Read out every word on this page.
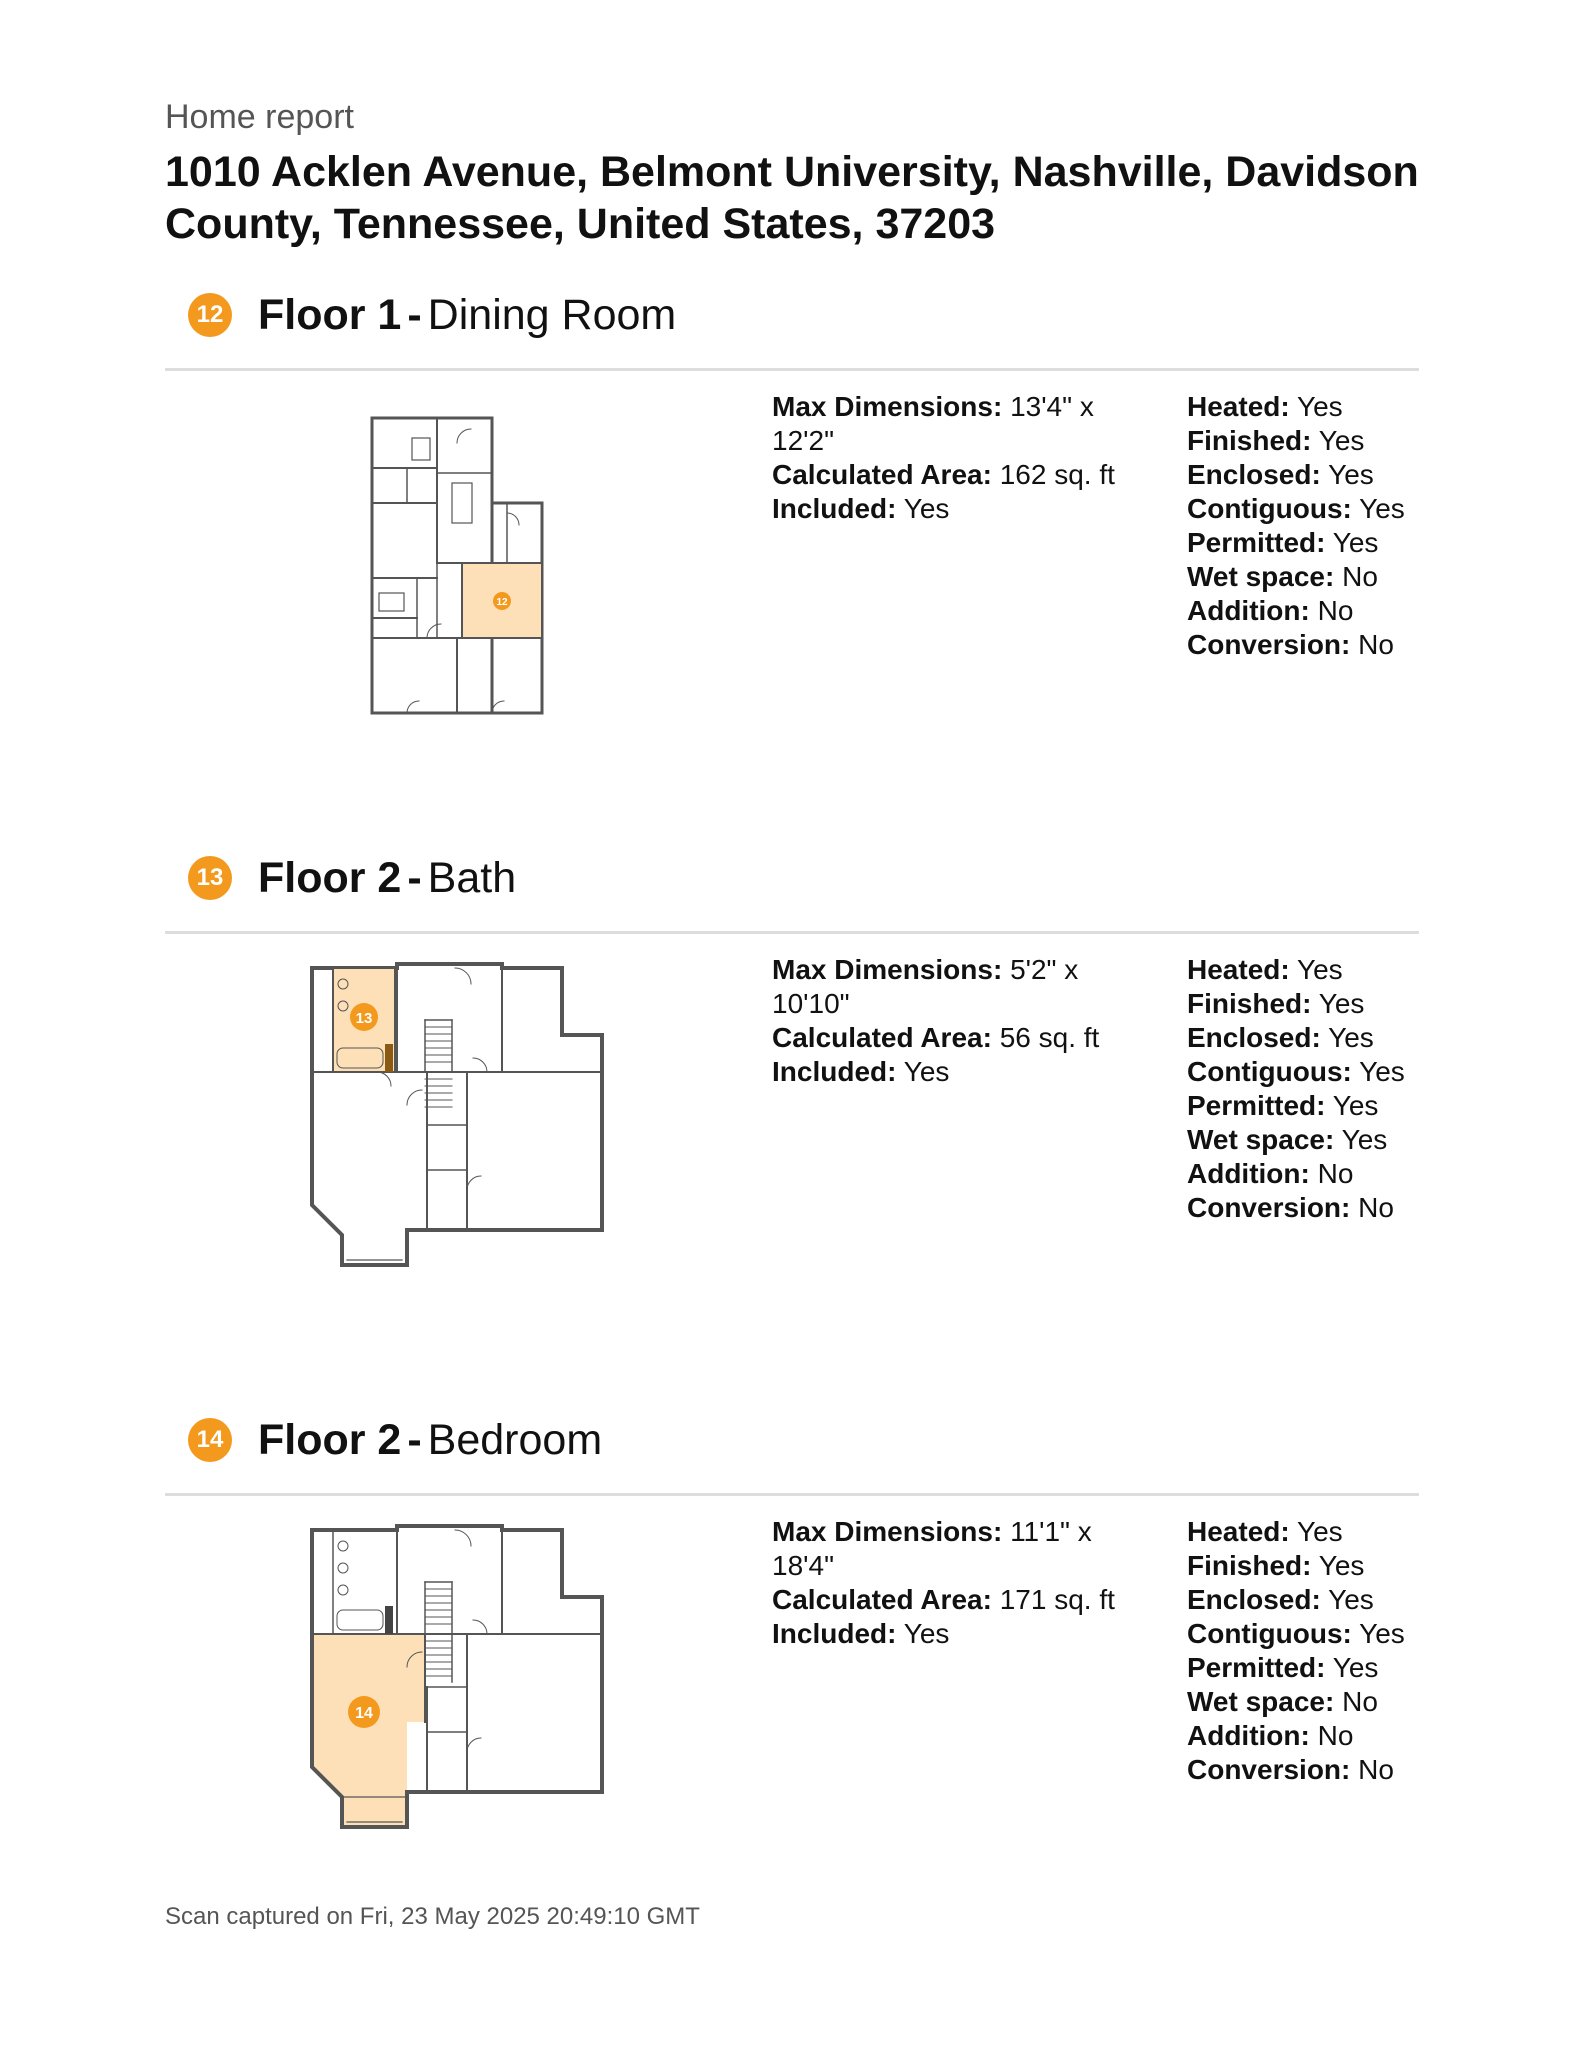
Home report
1010 Acklen Avenue, Belmont University, Nashville, Davidson County, Tennessee, United States, 37203
12 Floor 1 - Dining Room
12
Max Dimensions: 13'4" x 12'2"
Calculated Area: 162 sq. ft
Included: Yes
Heated: Yes
Finished: Yes
Enclosed: Yes
Contiguous: Yes
Permitted: Yes
Wet space: No
Addition: No
Conversion: No
13 Floor 2 - Bath
13
Max Dimensions: 5'2" x 10'10"
Calculated Area: 56 sq. ft
Included: Yes
Heated: Yes
Finished: Yes
Enclosed: Yes
Contiguous: Yes
Permitted: Yes
Wet space: Yes
Addition: No
Conversion: No
14 Floor 2 - Bedroom
14
Max Dimensions: 11'1" x 18'4"
Calculated Area: 171 sq. ft
Included: Yes
Heated: Yes
Finished: Yes
Enclosed: Yes
Contiguous: Yes
Permitted: Yes
Wet space: No
Addition: No
Conversion: No
Scan captured on Fri, 23 May 2025 20:49:10 GMT
